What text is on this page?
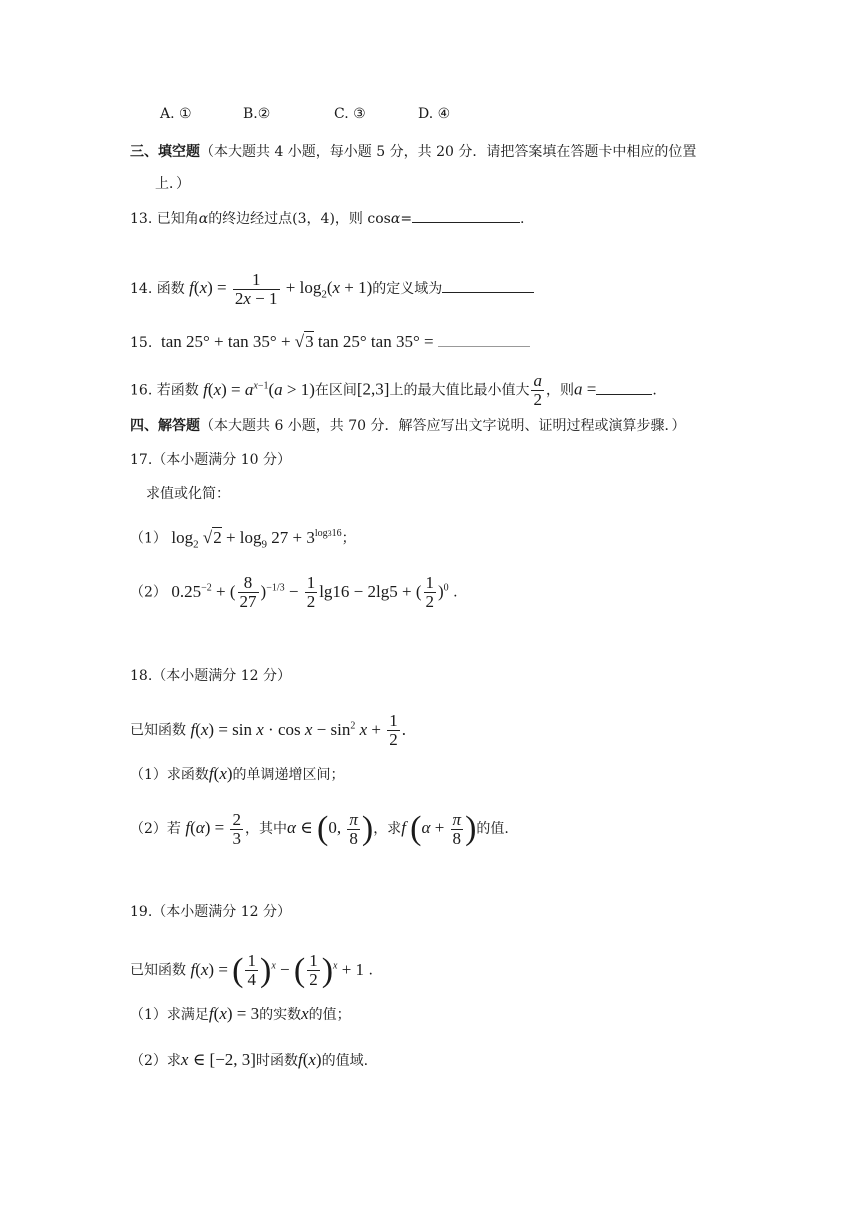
A. ①	B.②	C. ③	D. ④
三、填空题（本大题共 4 小题，每小题 5 分，共 20 分．请把答案填在答题卡中相应的位置
上．）
13. 已知角α的终边经过点(3，4)，则 cosα=	.
14. 函数 $f(x) = \frac{1}{2x - 1} + \log_2(x + 1)$的定义域为
15.  tan 25° + tan 35° + √3 tan 25° tan 35° =
16. 若函数 $f(x) = a^{x-1}(a > 1)$在区间[2,3]上的最大值比最小值大 $\frac{a}{2}$ ，则a =	.
四、解答题（本大题共 6 小题，共 70 分．解答应写出文字说明、证明过程或演算步骤．）
17.（本小题满分 10 分）
求值或化简：
（1） $\log_2 √2 + \log_9 27 + 3^{log316}$；
（2） $0.25^{-2}$ + ( $\frac{8}{27} )^{-1/3} - \frac{1}{2} \lg 16 - 2\lg 5$ + ( $\frac{1}{2} )^0$ .
18.（本小题满分 12 分）
已知函数 $f(x) = \sin x \cdot \cos x - \sin^2 x + \frac{1}{2}$ .
（1）求函数f(x)的单调递增区间；
（2）若 $f(\alpha) = \frac{2}{3}$ ，其中α ∈ (0, $\frac{\pi}{8}$ )，求f ($\alpha + \frac{\pi}{8}$ )的值.
19.（本小题满分 12 分）
已知函数 f(x) = ( $\frac{1}{4} )^x$ − ( $\frac{1}{2} )^x + 1$ .
（1）求满足f(x) = 3的实数x的值；
（2）求x ∈ [−2, 3]时函数f(x)的值域.
